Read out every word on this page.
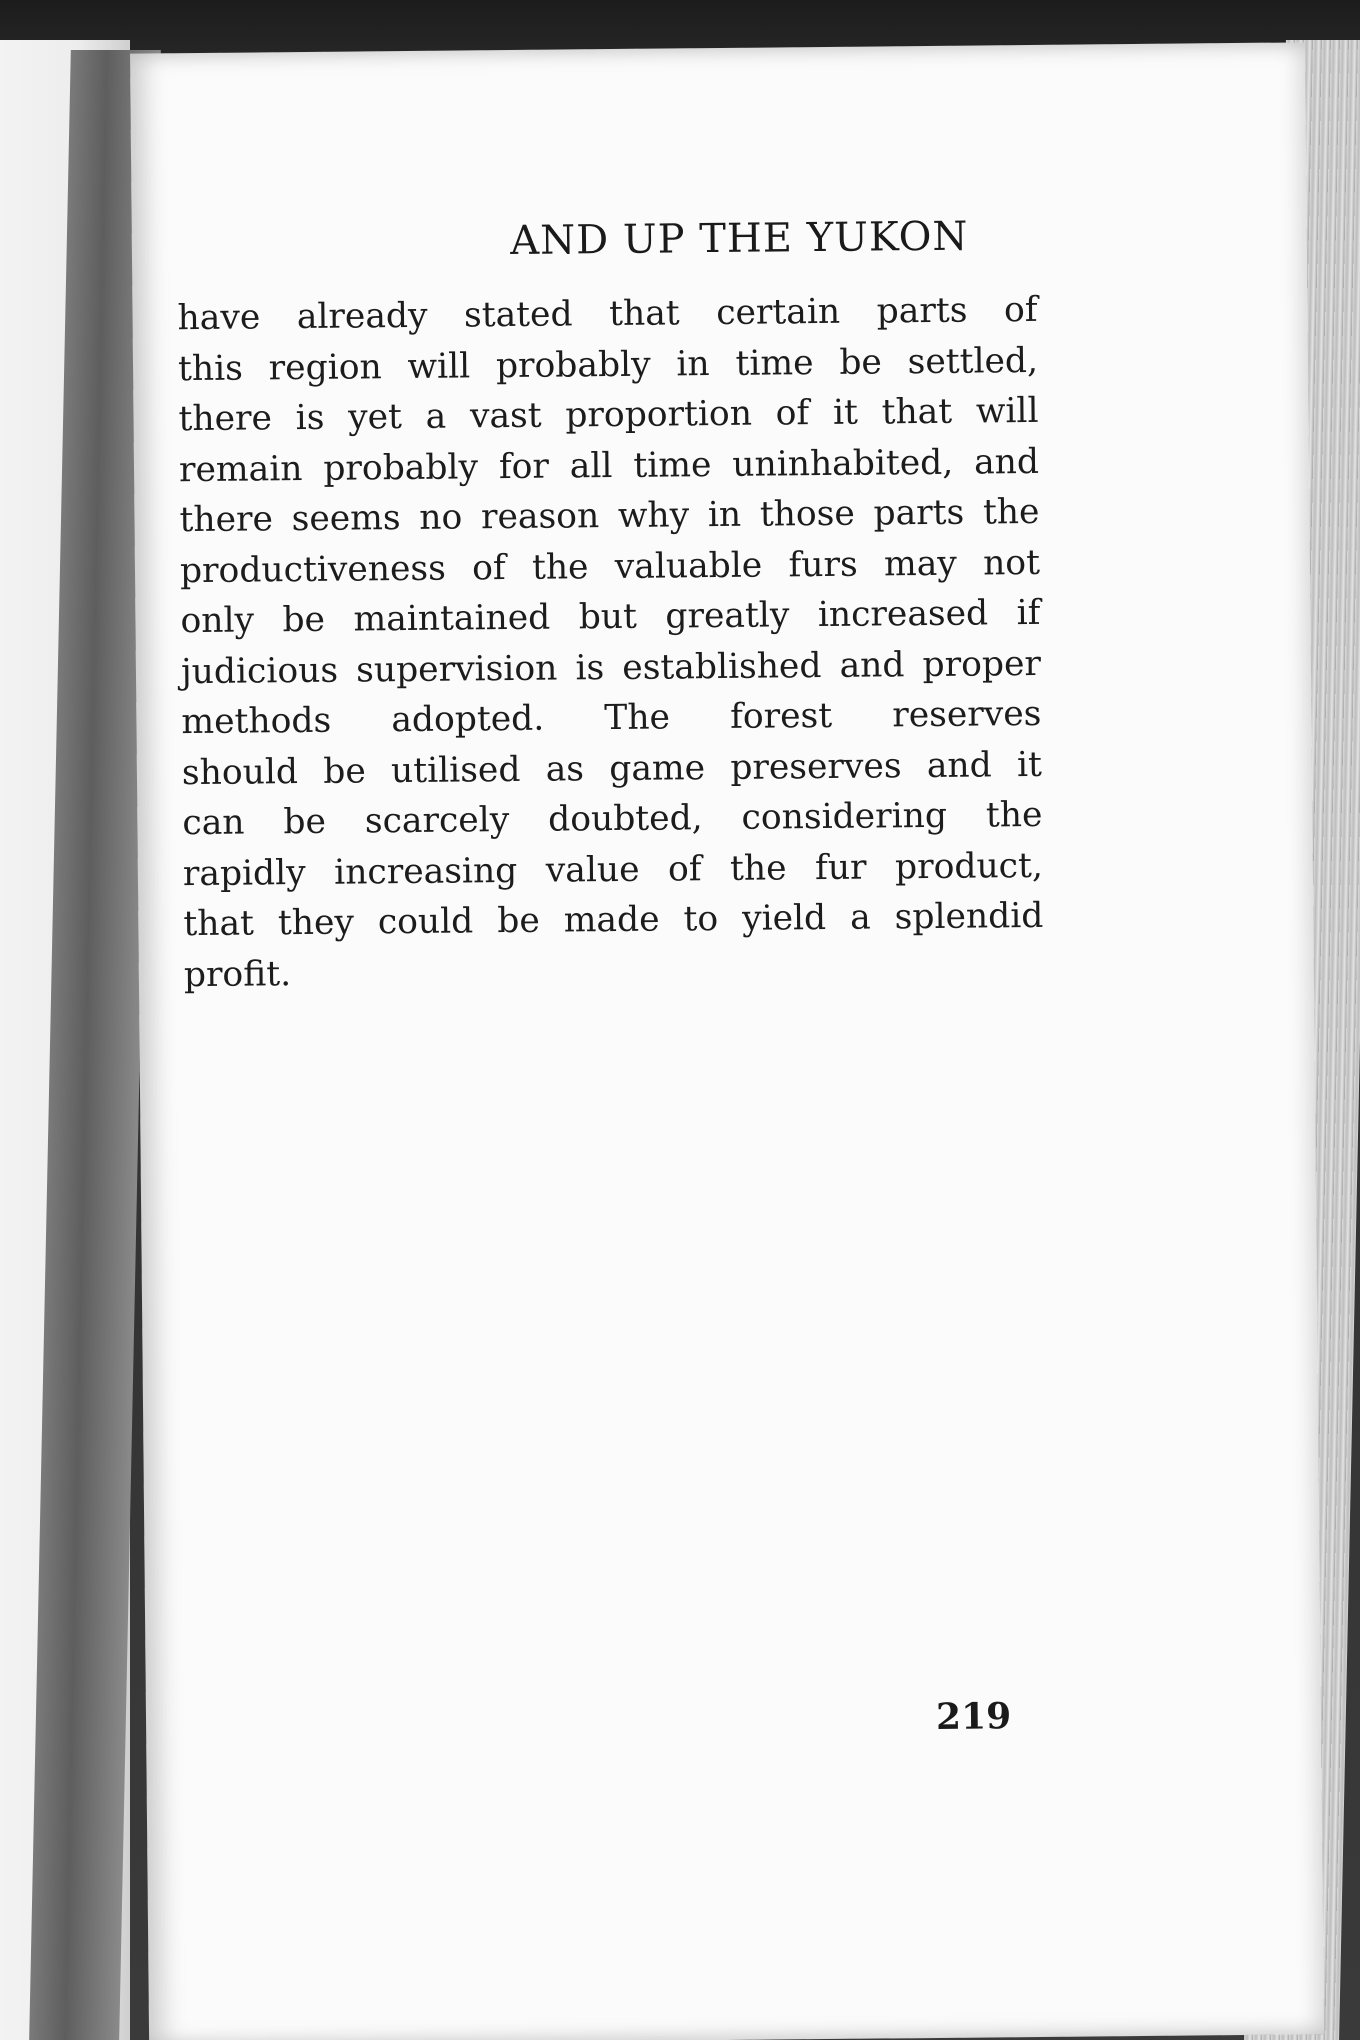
AND UP THE YUKON
have already stated that certain parts of
this region will probably in time be settled,
there is yet a vast proportion of it that will
remain probably for all time uninhabited, and
there seems no reason why in those parts the
productiveness of the valuable furs may not
only be maintained but greatly increased if
judicious supervision is established and proper
methods adopted. The forest reserves
should be utilised as game preserves and it
can be scarcely doubted, considering the
rapidly increasing value of the fur product,
that they could be made to yield a splendid
profit.
219
